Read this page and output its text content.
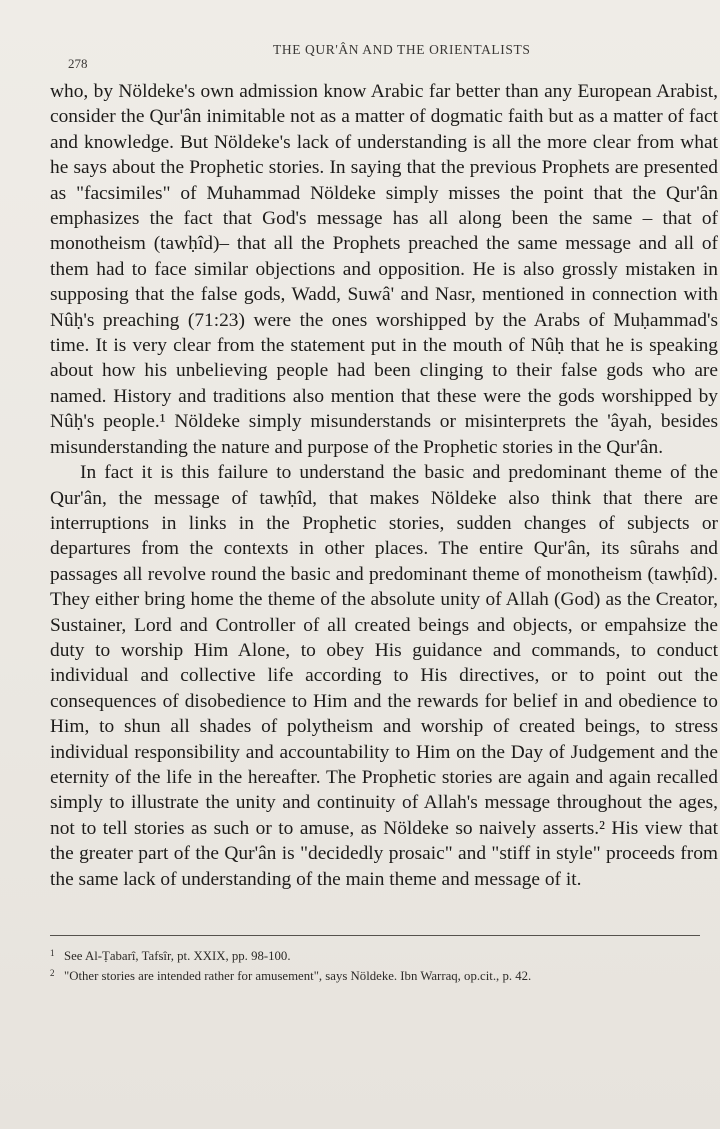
278
THE QUR'ÂN AND THE ORIENTALISTS

who, by Nöldeke's own admission know Arabic far better than any European Arabist, consider the Qur'ân inimitable not as a matter of dogmatic faith but as a matter of fact and knowledge. But Nöldeke's lack of understanding is all the more clear from what he says about the Prophetic stories. In saying that the previous Prophets are presented as "facsimiles" of Muhammad Nöldeke simply misses the point that the Qur'ân emphasizes the fact that God's message has all along been the same – that of monotheism (tawḥîd)– that all the Prophets preached the same message and all of them had to face similar objections and opposition. He is also grossly mistaken in supposing that the false gods, Wadd, Suwâ' and Nasr, mentioned in connection with Nûḥ's preaching (71:23) were the ones worshipped by the Arabs of Muḥammad's time. It is very clear from the statement put in the mouth of Nûḥ that he is speaking about how his unbelieving people had been clinging to their false gods who are named. History and traditions also mention that these were the gods worshipped by Nûḥ's people.¹ Nöldeke simply misunderstands or misinterprets the 'âyah, besides misunderstanding the nature and purpose of the Prophetic stories in the Qur'ân.

In fact it is this failure to understand the basic and predominant theme of the Qur'ân, the message of tawḥîd, that makes Nöldeke also think that there are interruptions in links in the Prophetic stories, sudden changes of subjects or departures from the contexts in other places. The entire Qur'ân, its sûrahs and passages all revolve round the basic and predominant theme of monotheism (tawḥîd). They either bring home the theme of the absolute unity of Allah (God) as the Creator, Sustainer, Lord and Controller of all created beings and objects, or empahsize the duty to worship Him Alone, to obey His guidance and commands, to conduct individual and collective life according to His directives, or to point out the consequences of disobedience to Him and the rewards for belief in and obedience to Him, to shun all shades of polytheism and worship of created beings, to stress individual responsibility and accountability to Him on the Day of Judgement and the eternity of the life in the hereafter. The Prophetic stories are again and again recalled simply to illustrate the unity and continuity of Allah's message throughout the ages, not to tell stories as such or to amuse, as Nöldeke so naively asserts.² His view that the greater part of the Qur'ân is "decidedly prosaic" and "stiff in style" proceeds from the same lack of understanding of the main theme and message of it.

1 See Al-Ṭabarî, Tafsîr, pt. XXIX, pp. 98-100.
2 "Other stories are intended rather for amusement", says Nöldeke. Ibn Warraq, op.cit., p. 42.
